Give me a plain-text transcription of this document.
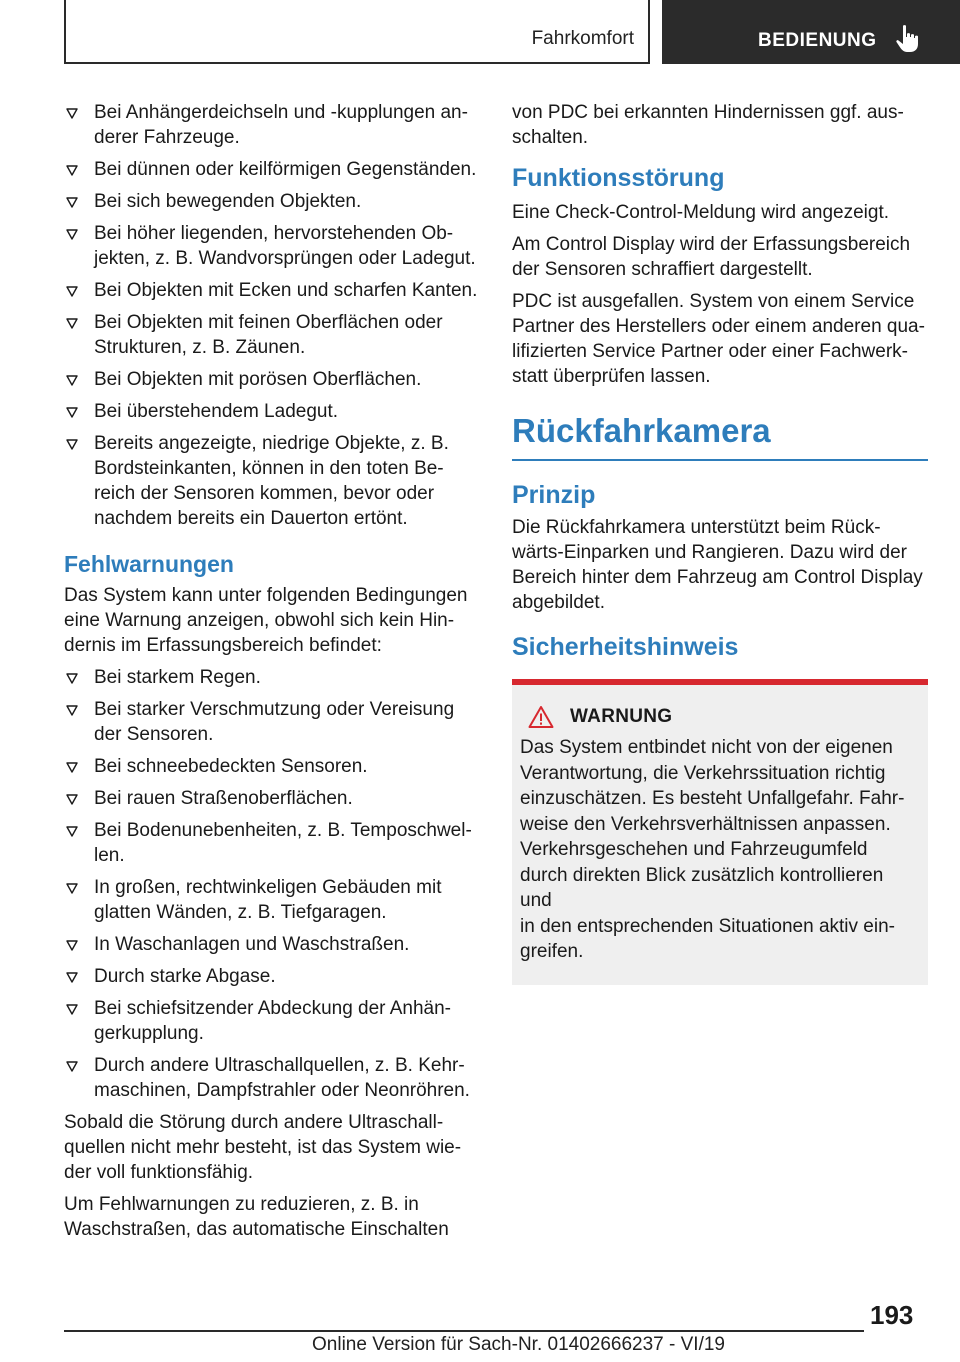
Fahrkomfort	BEDIENUNG
Bei Anhängerdeichseln und -kupplungen an-
derer Fahrzeuge.
Bei dünnen oder keilförmigen Gegenständen.
Bei sich bewegenden Objekten.
Bei höher liegenden, hervorstehenden Ob-
jekten, z. B. Wandvorsprüngen oder Ladegut.
Bei Objekten mit Ecken und scharfen Kanten.
Bei Objekten mit feinen Oberflächen oder
Strukturen, z. B. Zäunen.
Bei Objekten mit porösen Oberflächen.
Bei überstehendem Ladegut.
Bereits angezeigte, niedrige Objekte, z. B.
Bordsteinkanten, können in den toten Be-
reich der Sensoren kommen, bevor oder
nachdem bereits ein Dauerton ertönt.
Fehlwarnungen
Das System kann unter folgenden Bedingungen
eine Warnung anzeigen, obwohl sich kein Hin-
dernis im Erfassungsbereich befindet:
Bei starkem Regen.
Bei starker Verschmutzung oder Vereisung
der Sensoren.
Bei schneebedeckten Sensoren.
Bei rauen Straßenoberflächen.
Bei Bodenunebenheiten, z. B. Temposchwel-
len.
In großen, rechtwinkeligen Gebäuden mit
glatten Wänden, z. B. Tiefgaragen.
In Waschanlagen und Waschstraßen.
Durch starke Abgase.
Bei schiefsitzender Abdeckung der Anhän-
gerkupplung.
Durch andere Ultraschallquellen, z. B. Kehr-
maschinen, Dampfstrahler oder Neonröhren.
Sobald die Störung durch andere Ultraschall-
quellen nicht mehr besteht, ist das System wie-
der voll funktionsfähig.
Um Fehlwarnungen zu reduzieren, z. B. in
Waschstraßen, das automatische Einschalten
von PDC bei erkannten Hindernissen ggf. aus-
schalten.
Funktionsstörung
Eine Check-Control-Meldung wird angezeigt.
Am Control Display wird der Erfassungsbereich
der Sensoren schraffiert dargestellt.
PDC ist ausgefallen. System von einem Service
Partner des Herstellers oder einem anderen qua-
lifizierten Service Partner oder einer Fachwerk-
statt überprüfen lassen.
Rückfahrkamera
Prinzip
Die Rückfahrkamera unterstützt beim Rück-
wärts-Einparken und Rangieren. Dazu wird der
Bereich hinter dem Fahrzeug am Control Display
abgebildet.
Sicherheitshinweis
WARNUNG
Das System entbindet nicht von der eigenen
Verantwortung, die Verkehrssituation richtig
einzuschätzen. Es besteht Unfallgefahr. Fahr-
weise den Verkehrsverhältnissen anpassen.
Verkehrsgeschehen und Fahrzeugumfeld
durch direkten Blick zusätzlich kontrollieren und
in den entsprechenden Situationen aktiv ein-
greifen.
193
Online Version für Sach-Nr. 01402666237 - VI/19
